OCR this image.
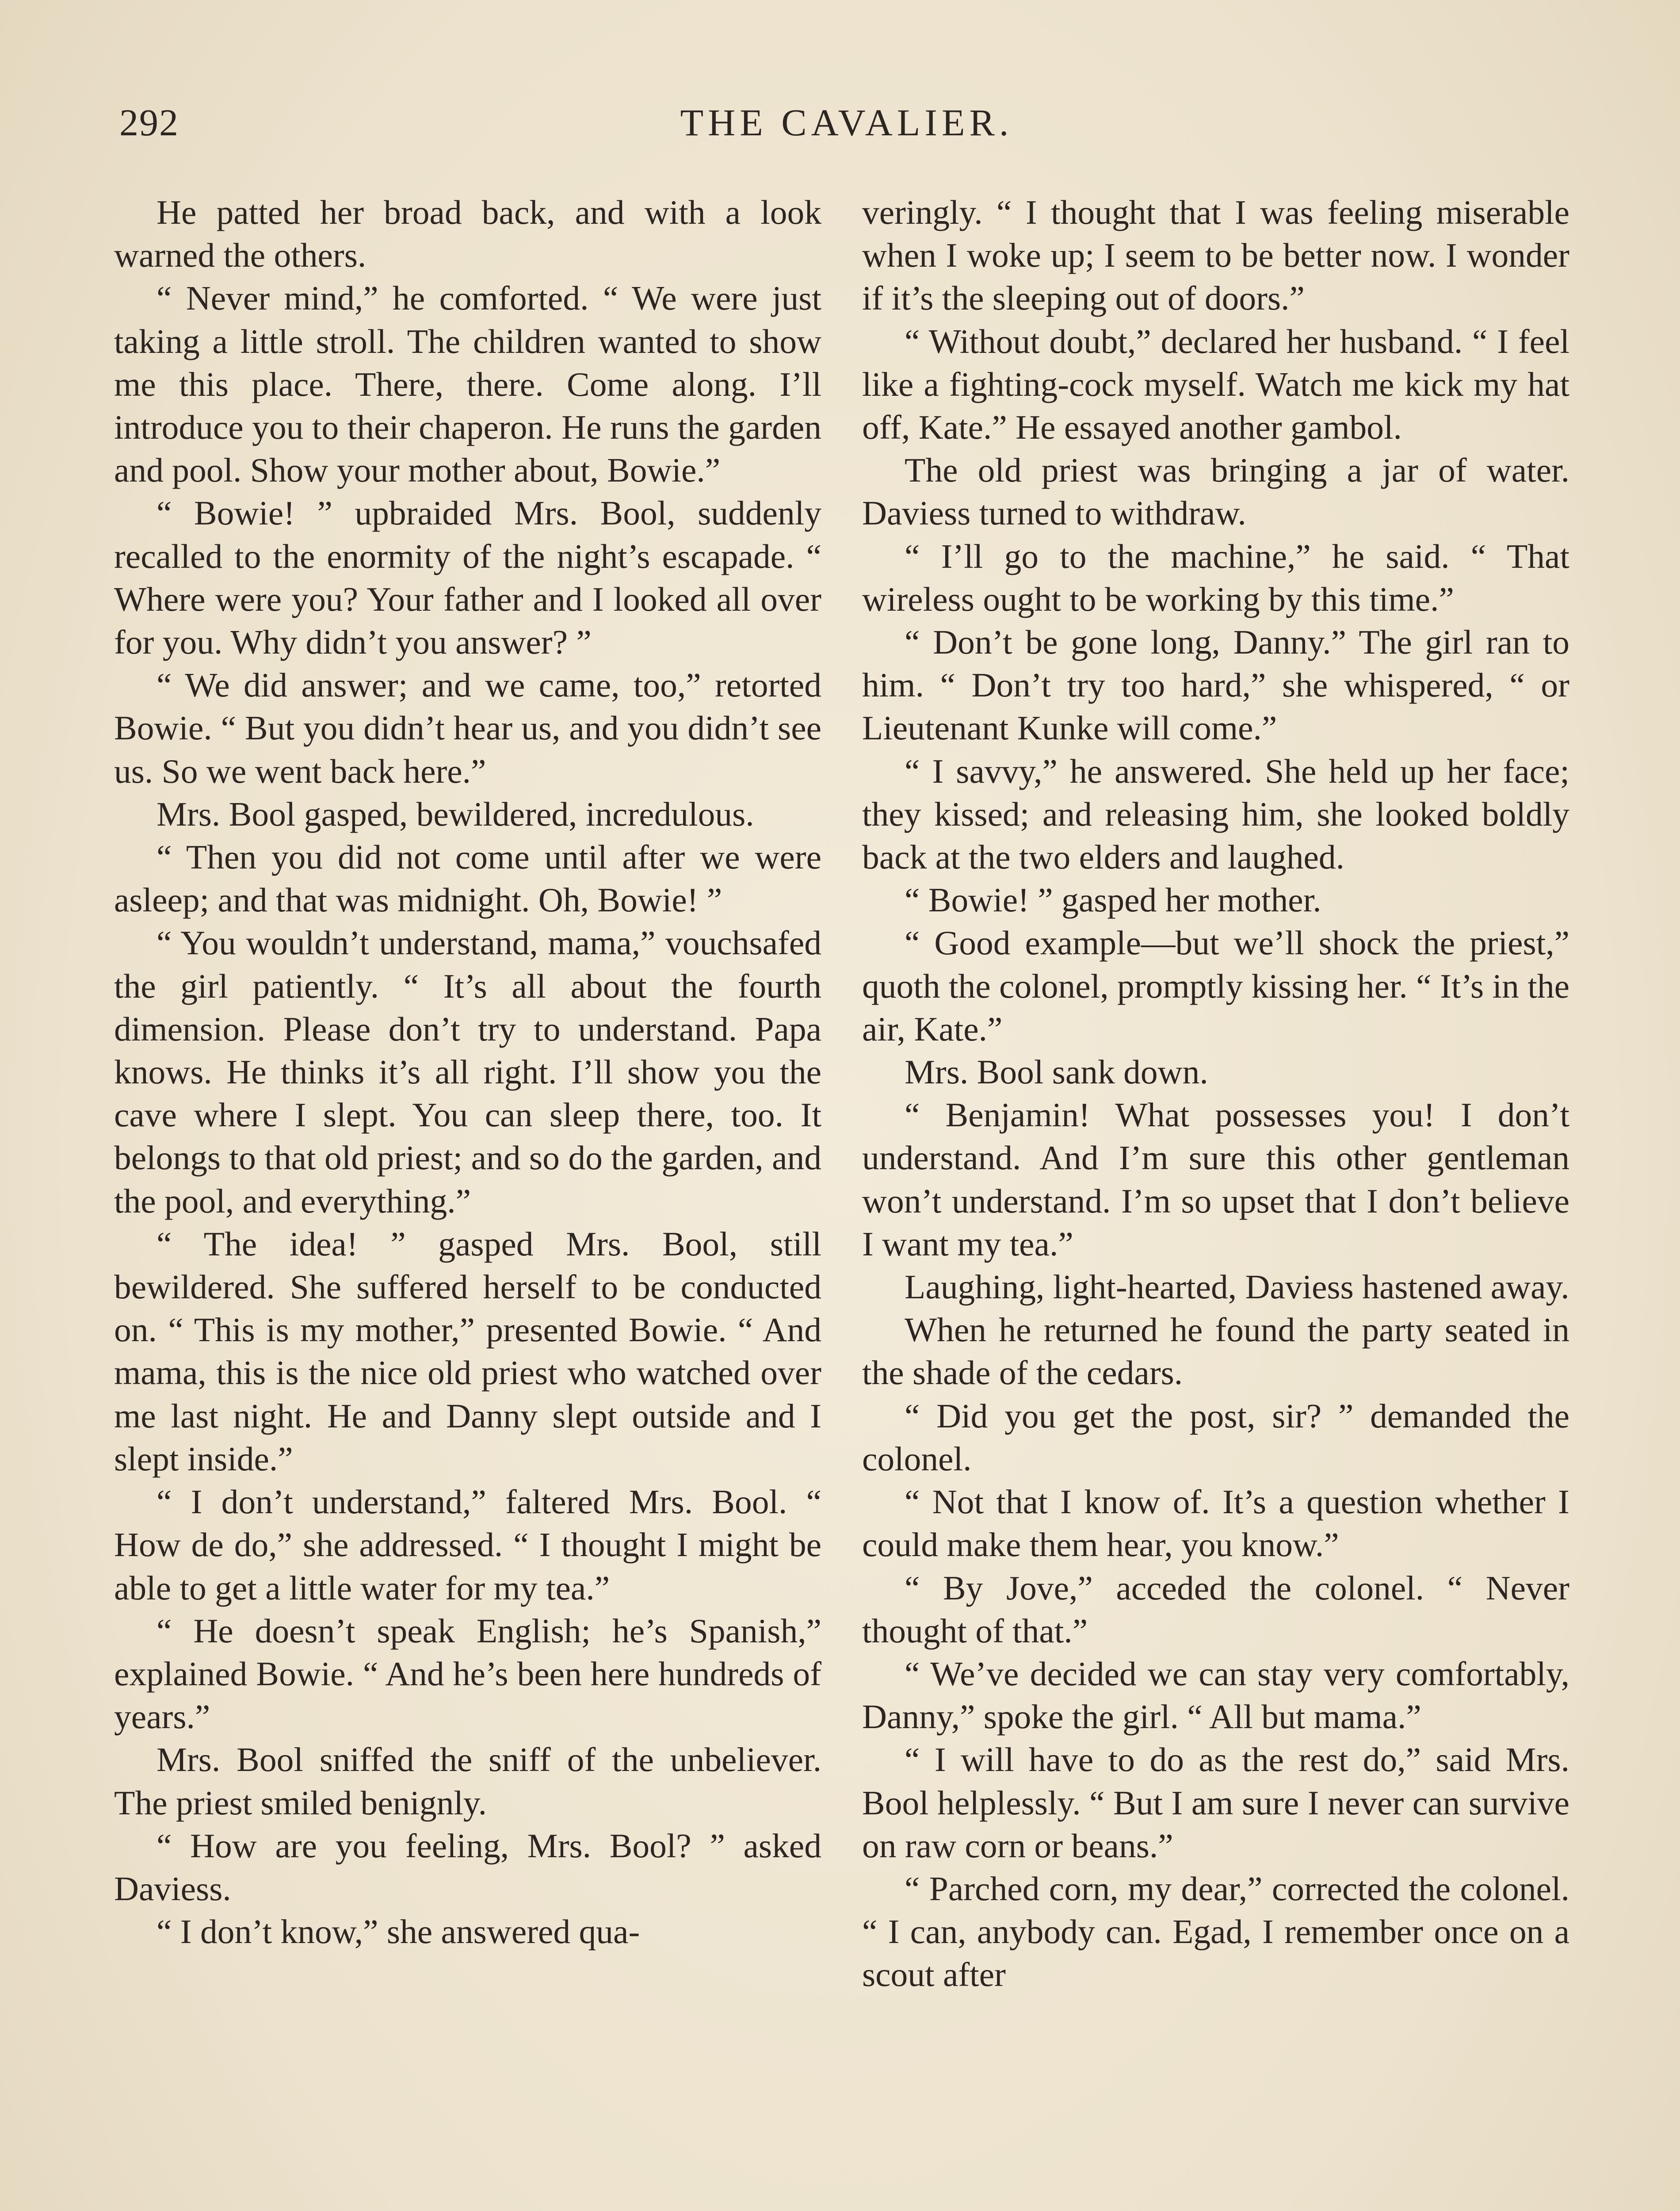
292	THE CAVALIER.

He patted her broad back, and with a look warned the others.

“ Never mind,” he comforted. “ We were just taking a little stroll. The children wanted to show me this place. There, there. Come along. I’ll introduce you to their chaperon. He runs the garden and pool. Show your mother about, Bowie.”

“ Bowie! ” upbraided Mrs. Bool, suddenly recalled to the enormity of the night’s escapade. “ Where were you? Your father and I looked all over for you. Why didn’t you answer? ”

“ We did answer; and we came, too,” retorted Bowie. “ But you didn’t hear us, and you didn’t see us. So we went back here.”

Mrs. Bool gasped, bewildered, incredulous.

“ Then you did not come until after we were asleep; and that was midnight. Oh, Bowie! ”

“ You wouldn’t understand, mama,” vouchsafed the girl patiently. “ It’s all about the fourth dimension. Please don’t try to understand. Papa knows. He thinks it’s all right. I’ll show you the cave where I slept. You can sleep there, too. It belongs to that old priest; and so do the garden, and the pool, and everything.”

“ The idea! ” gasped Mrs. Bool, still bewildered. She suffered herself to be conducted on. “ This is my mother,” presented Bowie. “ And mama, this is the nice old priest who watched over me last night. He and Danny slept outside and I slept inside.”

“ I don’t understand,” faltered Mrs. Bool. “ How de do,” she addressed. “ I thought I might be able to get a little water for my tea.”

“ He doesn’t speak English; he’s Spanish,” explained Bowie. “ And he’s been here hundreds of years.”

Mrs. Bool sniffed the sniff of the unbeliever. The priest smiled benignly.

“ How are you feeling, Mrs. Bool? ” asked Daviess.

“ I don’t know,” she answered qua-

veringly. “ I thought that I was feeling miserable when I woke up; I seem to be better now. I wonder if it’s the sleeping out of doors.”

“ Without doubt,” declared her husband. “ I feel like a fighting-cock myself. Watch me kick my hat off, Kate.” He essayed another gambol.

The old priest was bringing a jar of water. Daviess turned to withdraw.

“ I’ll go to the machine,” he said. “ That wireless ought to be working by this time.”

“ Don’t be gone long, Danny.” The girl ran to him. “ Don’t try too hard,” she whispered, “ or Lieutenant Kunke will come.”

“ I savvy,” he answered. She held up her face; they kissed; and releasing him, she looked boldly back at the two elders and laughed.

“ Bowie! ” gasped her mother.

“ Good example—but we’ll shock the priest,” quoth the colonel, promptly kissing her. “ It’s in the air, Kate.”

Mrs. Bool sank down.

“ Benjamin! What possesses you! I don’t understand. And I’m sure this other gentleman won’t understand. I’m so upset that I don’t believe I want my tea.”

Laughing, light-hearted, Daviess hastened away.

When he returned he found the party seated in the shade of the cedars.

“ Did you get the post, sir? ” demanded the colonel.

“ Not that I know of. It’s a question whether I could make them hear, you know.”

“ By Jove,” acceded the colonel. “ Never thought of that.”

“ We’ve decided we can stay very comfortably, Danny,” spoke the girl. “ All but mama.”

“ I will have to do as the rest do,” said Mrs. Bool helplessly. “ But I am sure I never can survive on raw corn or beans.”

“ Parched corn, my dear,” corrected the colonel. “ I can, anybody can. Egad, I remember once on a scout after
